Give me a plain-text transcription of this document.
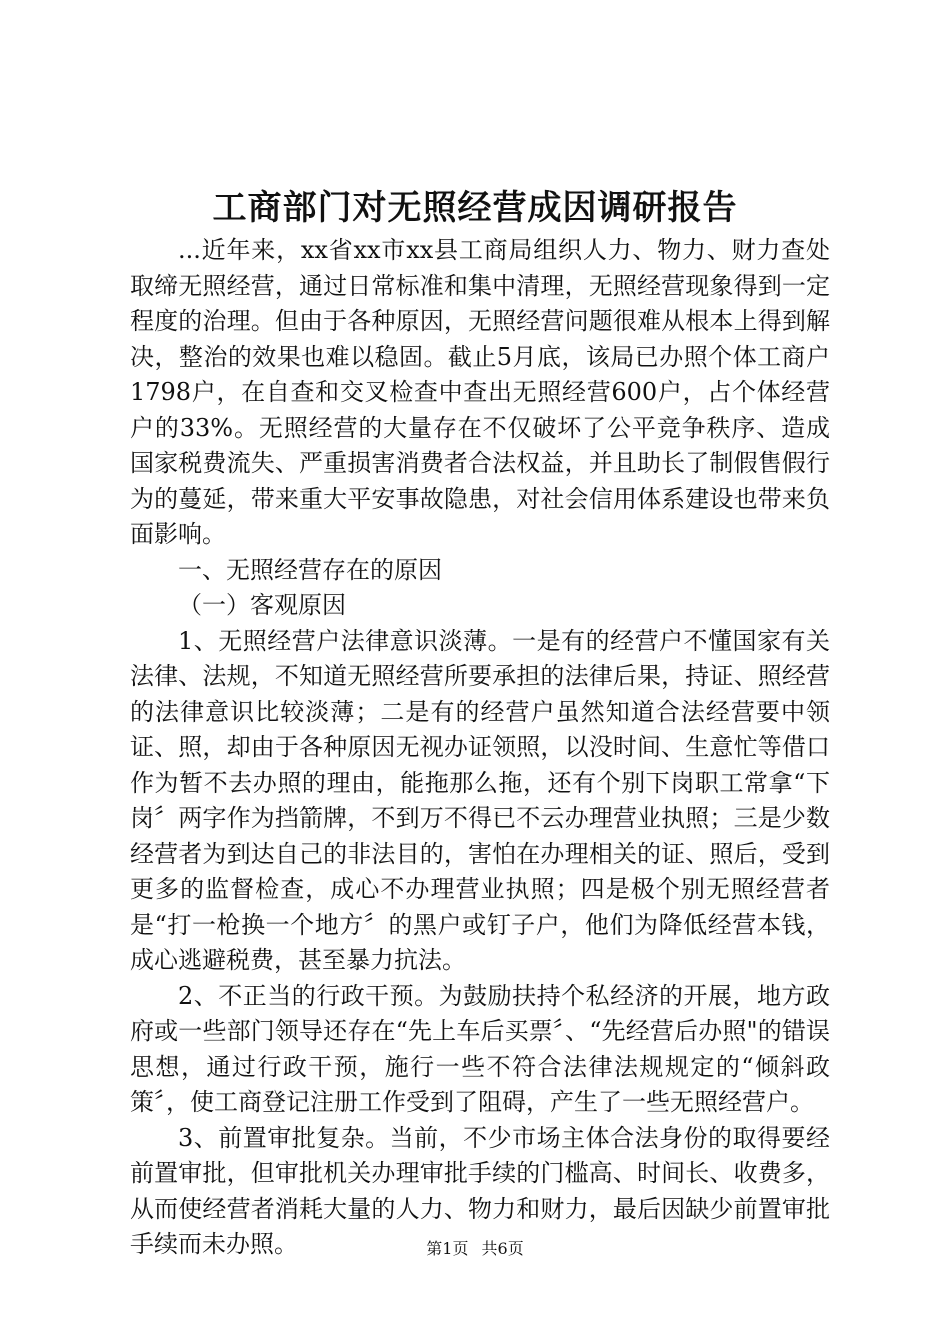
工商部门对无照经营成因调研报告

...近年来，xx省xx市xx县工商局组织人力、物力、财力查处取缔无照经营，通过日常标准和集中清理，无照经营现象得到一定程度的治理。但由于各种原因，无照经营问题很难从根本上得到解决，整治的效果也难以稳固。截止5月底，该局已办照个体工商户1798户，在自查和交叉检查中查出无照经营600户，占个体经营户的33%。无照经营的大量存在不仅破坏了公平竞争秩序、造成国家税费流失、严重损害消费者合法权益，并且助长了制假售假行为的蔓延，带来重大平安事故隐患，对社会信用体系建设也带来负面影响。

一、无照经营存在的原因

（一）客观原因

1、无照经营户法律意识淡薄。一是有的经营户不懂国家有关法律、法规，不知道无照经营所要承担的法律后果，持证、照经营的法律意识比较淡薄；二是有的经营户虽然知道合法经营要中领证、照，却由于各种原因无视办证领照，以没时间、生意忙等借口作为暂不去办照的理由，能拖那么拖，还有个别下岗职工常拿“下岗〞两字作为挡箭牌，不到万不得已不云办理营业执照；三是少数经营者为到达自己的非法目的，害怕在办理相关的证、照后，受到更多的监督检查，成心不办理营业执照；四是极个别无照经营者是“打一枪换一个地方〞的黑户或钉子户，他们为降低经营本钱，成心逃避税费，甚至暴力抗法。

2、不正当的行政干预。为鼓励扶持个私经济的开展，地方政府或一些部门领导还存在“先上车后买票〞、“先经营后办照"的错误思想，通过行政干预，施行一些不符合法律法规规定的“倾斜政策〞，使工商登记注册工作受到了阻碍，产生了一些无照经营户。

3、前置审批复杂。当前，不少市场主体合法身份的取得要经前置审批，但审批机关办理审批手续的门槛高、时间长、收费多，从而使经营者消耗大量的人力、物力和财力，最后因缺少前置审批手续而未办照。	第1页 共6页
